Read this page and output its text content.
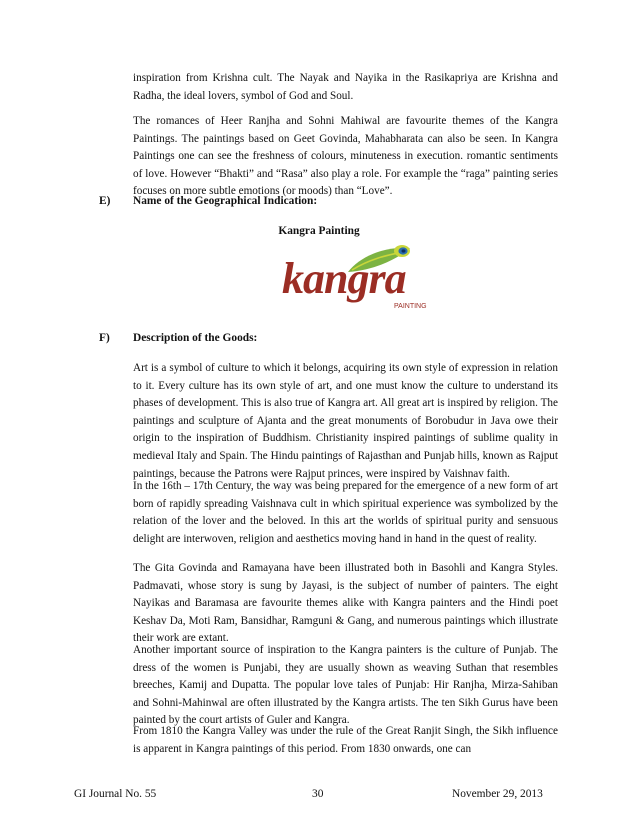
inspiration from Krishna cult. The Nayak and Nayika in the Rasikapriya are Krishna and Radha, the ideal lovers, symbol of God and Soul.

The romances of Heer Ranjha and Sohni Mahiwal are favourite themes of the Kangra Paintings. The paintings based on Geet Govinda, Mahabharata can also be seen. In Kangra Paintings one can see the freshness of colours, minuteness in execution. romantic sentiments of love. However “Bhakti” and “Rasa” also play a role. For example the “raga” painting series focuses on more subtle emotions (or moods) than “Love”.

E) Name of the Geographical Indication:
Kangra Painting
kangra
PAINTING
F) Description of the Goods:

Art is a symbol of culture to which it belongs, acquiring its own style of expression in relation to it. Every culture has its own style of art, and one must know the culture to understand its phases of development. This is also true of Kangra art. All great art is inspired by religion. The paintings and sculpture of Ajanta and the great monuments of Borobudur in Java owe their origin to the inspiration of Buddhism. Christianity inspired paintings of sublime quality in medieval Italy and Spain. The Hindu paintings of Rajasthan and Punjab hills, known as Rajput paintings, because the Patrons were Rajput princes, were inspired by Vaishnav faith.

In the 16th – 17th Century, the way was being prepared for the emergence of a new form of art born of rapidly spreading Vaishnava cult in which spiritual experience was symbolized by the relation of the lover and the beloved. In this art the worlds of spiritual purity and sensuous delight are interwoven, religion and aesthetics moving hand in hand in the quest of reality.

The Gita Govinda and Ramayana have been illustrated both in Basohli and Kangra Styles. Padmavati, whose story is sung by Jayasi, is the subject of number of painters. The eight Nayikas and Baramasa are favourite themes alike with Kangra painters and the Hindi poet Keshav Da, Moti Ram, Bansidhar, Ramguni & Gang, and numerous paintings which illustrate their work are extant.

Another important source of inspiration to the Kangra painters is the culture of Punjab. The dress of the women is Punjabi, they are usually shown as weaving Suthan that resembles breeches, Kamij and Dupatta. The popular love tales of Punjab: Hir Ranjha, Mirza-Sahiban and Sohni-Mahinwal are often illustrated by the Kangra artists. The ten Sikh Gurus have been painted by the court artists of Guler and Kangra.

From 1810 the Kangra Valley was under the rule of the Great Ranjit Singh, the Sikh influence is apparent in Kangra paintings of this period. From 1830 onwards, one can

GI Journal No. 55	30	November 29, 2013
